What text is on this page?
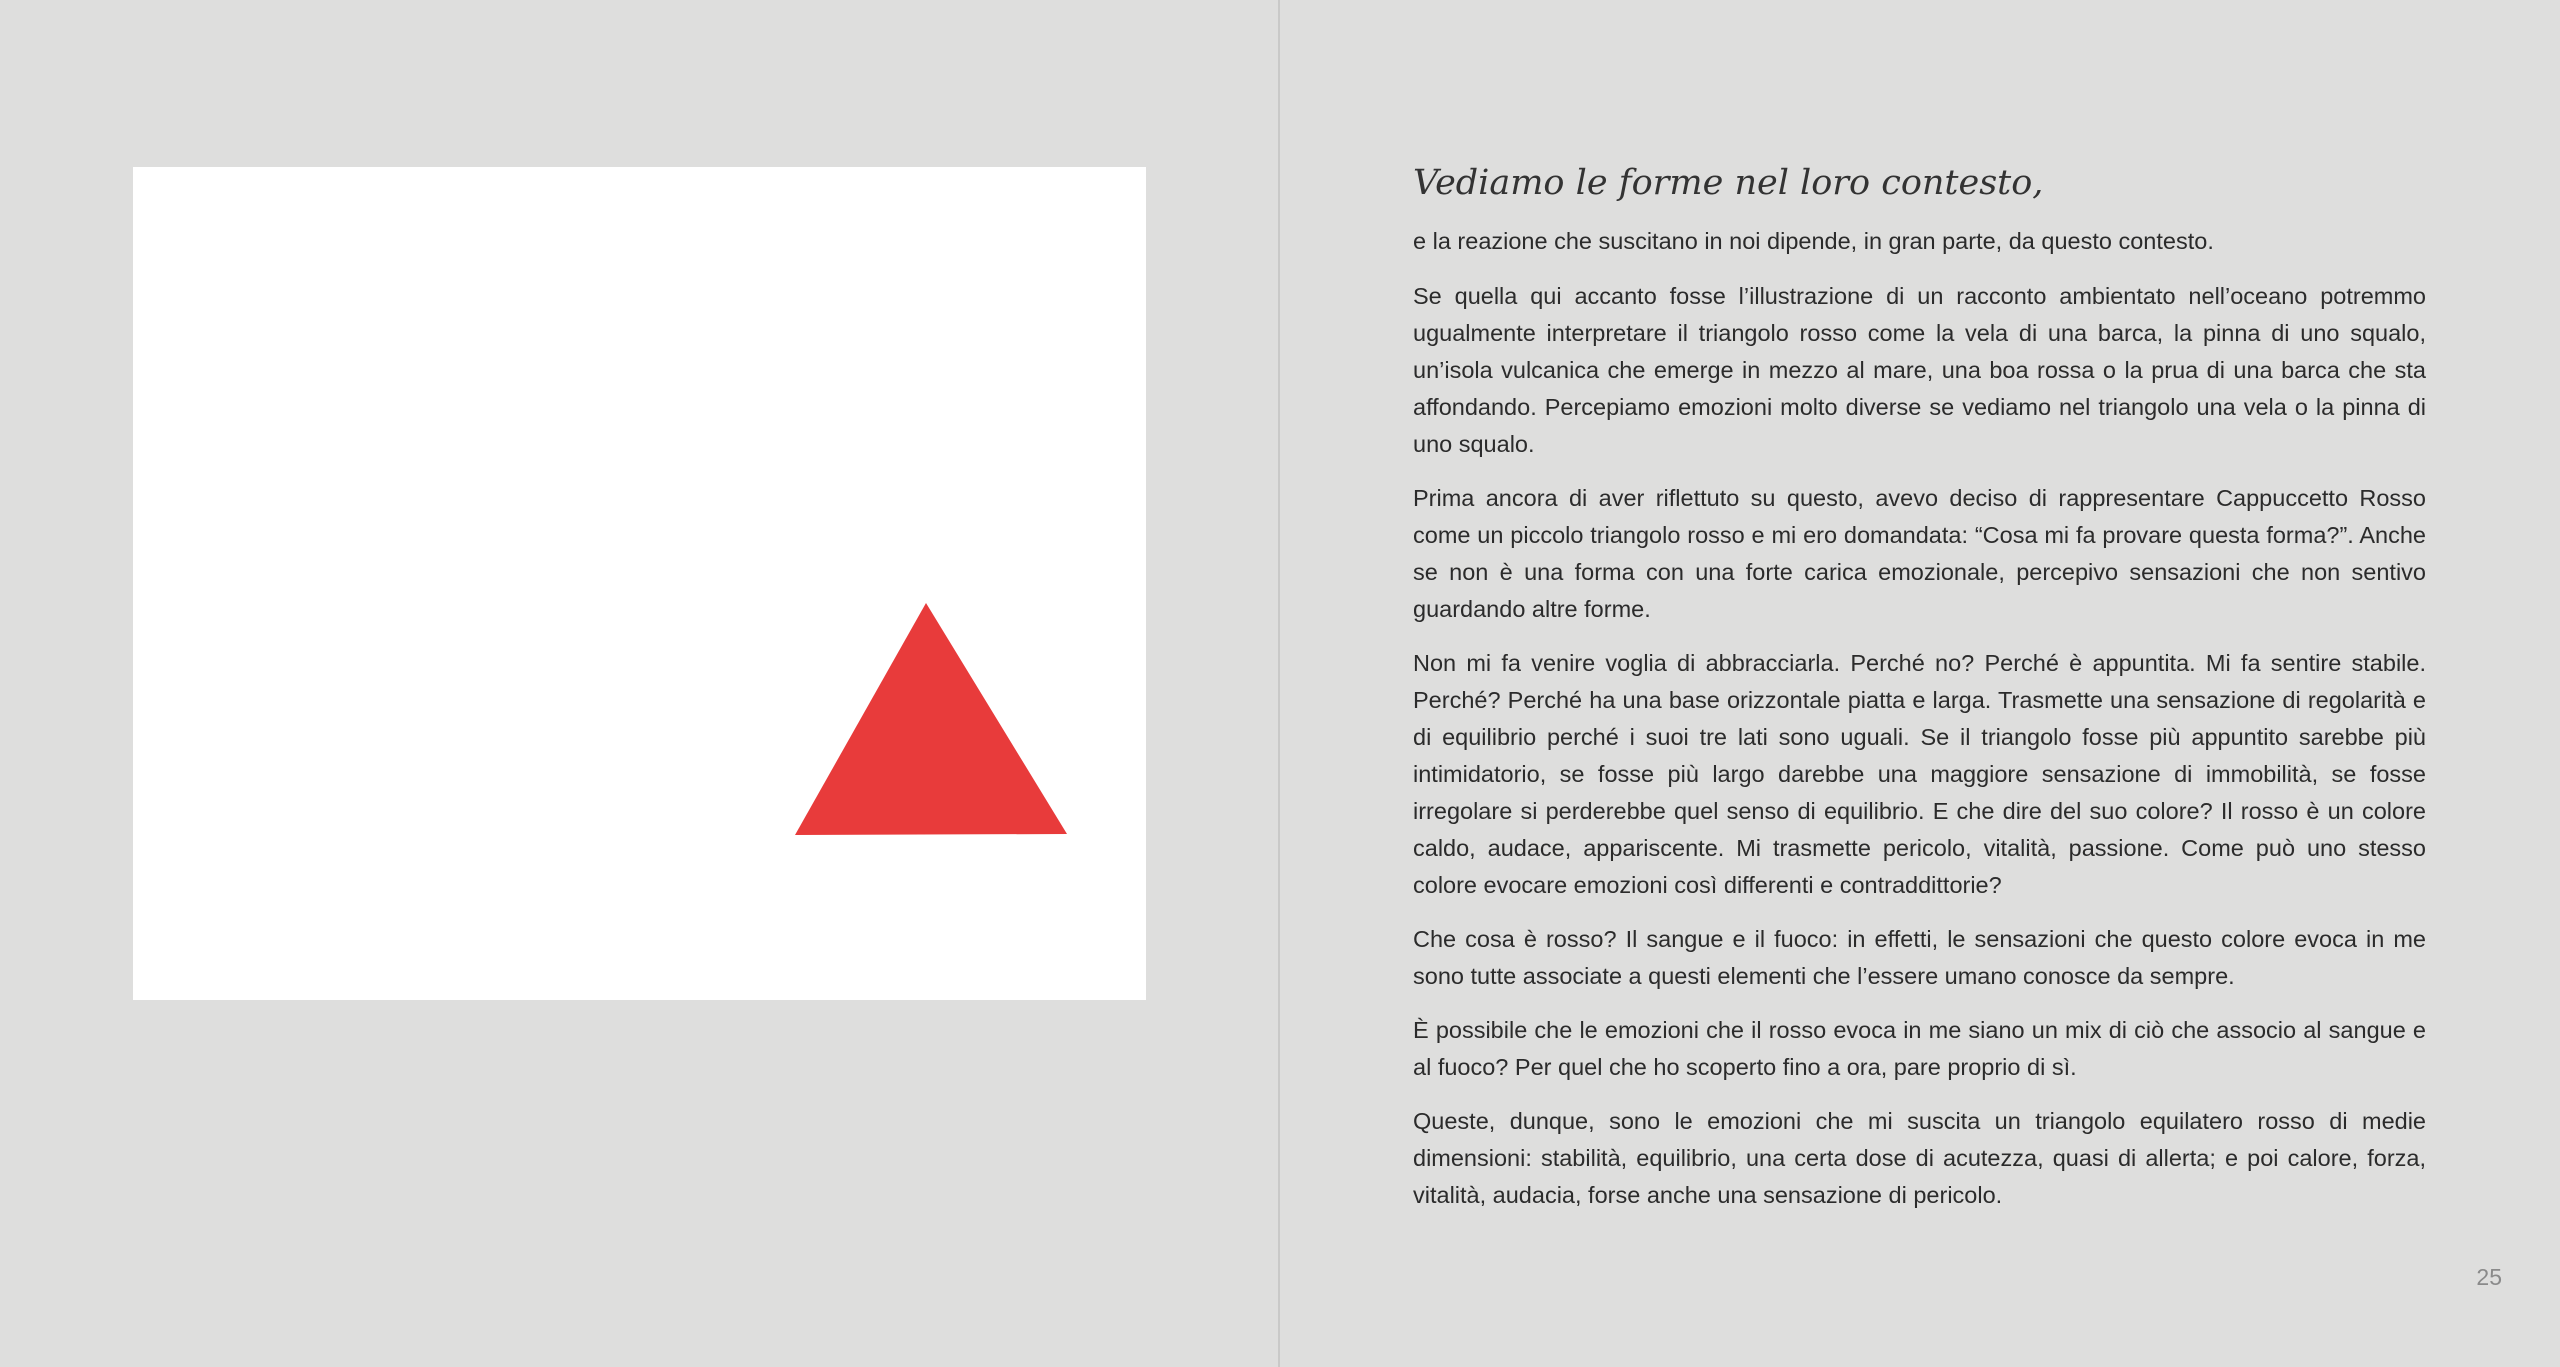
Vediamo le forme nel loro contesto,

e la reazione che suscitano in noi dipende, in gran parte, da questo contesto.

Se quella qui accanto fosse l’illustrazione di un racconto ambientato nell’oceano potremmo ugualmente interpretare il triangolo rosso come la vela di una barca, la pinna di uno squalo, un’isola vulcanica che emerge in mezzo al mare, una boa rossa o la prua di una barca che sta affondando. Percepiamo emozioni molto diverse se vediamo nel triangolo una vela o la pinna di uno squalo.

Prima ancora di aver riflettuto su questo, avevo deciso di rappresentare Cappuccetto Rosso come un piccolo triangolo rosso e mi ero domandata: “Cosa mi fa provare questa forma?”. Anche se non è una forma con una forte carica emozionale, percepivo sensazioni che non sentivo guardando altre forme.

Non mi fa venire voglia di abbracciarla. Perché no? Perché è appuntita. Mi fa sentire stabile. Perché? Perché ha una base orizzontale piatta e larga. Trasmette una sensazione di regolarità e di equilibrio perché i suoi tre lati sono uguali. Se il triangolo fosse più appuntito sarebbe più intimidatorio, se fosse più largo darebbe una maggiore sensazione di immobilità, se fosse irregolare si perderebbe quel senso di equilibrio. E che dire del suo colore? Il rosso è un colore caldo, audace, appariscente. Mi trasmette pericolo, vitalità, passione. Come può uno stesso colore evocare emozioni così differenti e contraddittorie?

Che cosa è rosso? Il sangue e il fuoco: in effetti, le sensazioni che questo colore evoca in me sono tutte associate a questi elementi che l’essere umano conosce da sempre.

È possibile che le emozioni che il rosso evoca in me siano un mix di ciò che associo al sangue e al fuoco? Per quel che ho scoperto fino a ora, pare proprio di sì.

Queste, dunque, sono le emozioni che mi suscita un triangolo equilatero rosso di medie dimensioni: stabilità, equilibrio, una certa dose di acutezza, quasi di allerta; e poi calore, forza, vitalità, audacia, forse anche una sensazione di pericolo.

25
